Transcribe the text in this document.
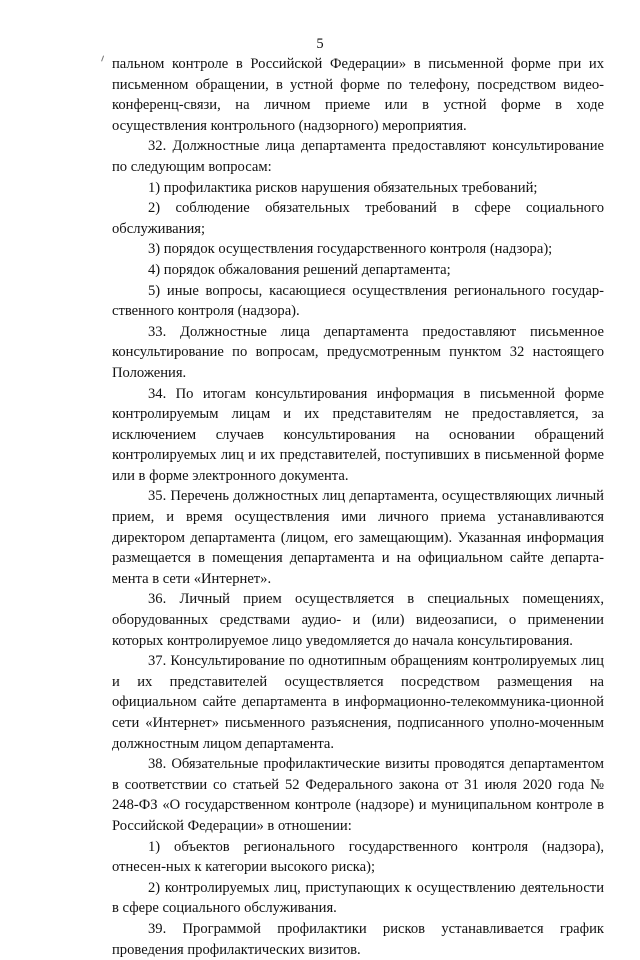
5

пальном контроле в Российской Федерации» в письменной форме при их письменном обращении, в устной форме по телефону, посредством видео-конференц-связи, на личном приеме или в устной форме в ходе осуществления контрольного (надзорного) мероприятия.

32. Должностные лица департамента предоставляют консультирование по следующим вопросам:

1) профилактика рисков нарушения обязательных требований;

2) соблюдение обязательных требований в сфере социального обслуживания;

3) порядок осуществления государственного контроля (надзора);

4) порядок обжалования решений департамента;

5) иные вопросы, касающиеся осуществления регионального государ-ственного контроля (надзора).

33. Должностные лица департамента предоставляют письменное консультирование по вопросам, предусмотренным пунктом 32 настоящего Положения.

34. По итогам консультирования информация в письменной форме контролируемым лицам и их представителям не предоставляется, за исключением случаев консультирования на основании обращений контролируемых лиц и их представителей, поступивших в письменной форме или в форме электронного документа.

35. Перечень должностных лиц департамента, осуществляющих личный прием, и время осуществления ими личного приема устанавливаются директором департамента (лицом, его замещающим). Указанная информация размещается в помещения департамента и на официальном сайте департа-мента в сети «Интернет».

36. Личный прием осуществляется в специальных помещениях, оборудованных средствами аудио- и (или) видеозаписи, о применении которых контролируемое лицо уведомляется до начала консультирования.

37. Консультирование по однотипным обращениям контролируемых лиц и их представителей осуществляется посредством размещения на официальном сайте департамента в информационно-телекоммуника-ционной сети «Интернет» письменного разъяснения, подписанного уполно-моченным должностным лицом департамента.

38. Обязательные профилактические визиты проводятся департаментом в соответствии со статьей 52 Федерального закона от 31 июля 2020 года № 248-ФЗ «О государственном контроле (надзоре) и муниципальном контроле в Российской Федерации» в отношении:

1) объектов регионального государственного контроля (надзора), отнесен-ных к категории высокого риска);

2) контролируемых лиц, приступающих к осуществлению деятельности в сфере социального обслуживания.

39. Программой профилактики рисков устанавливается график проведения профилактических визитов.
